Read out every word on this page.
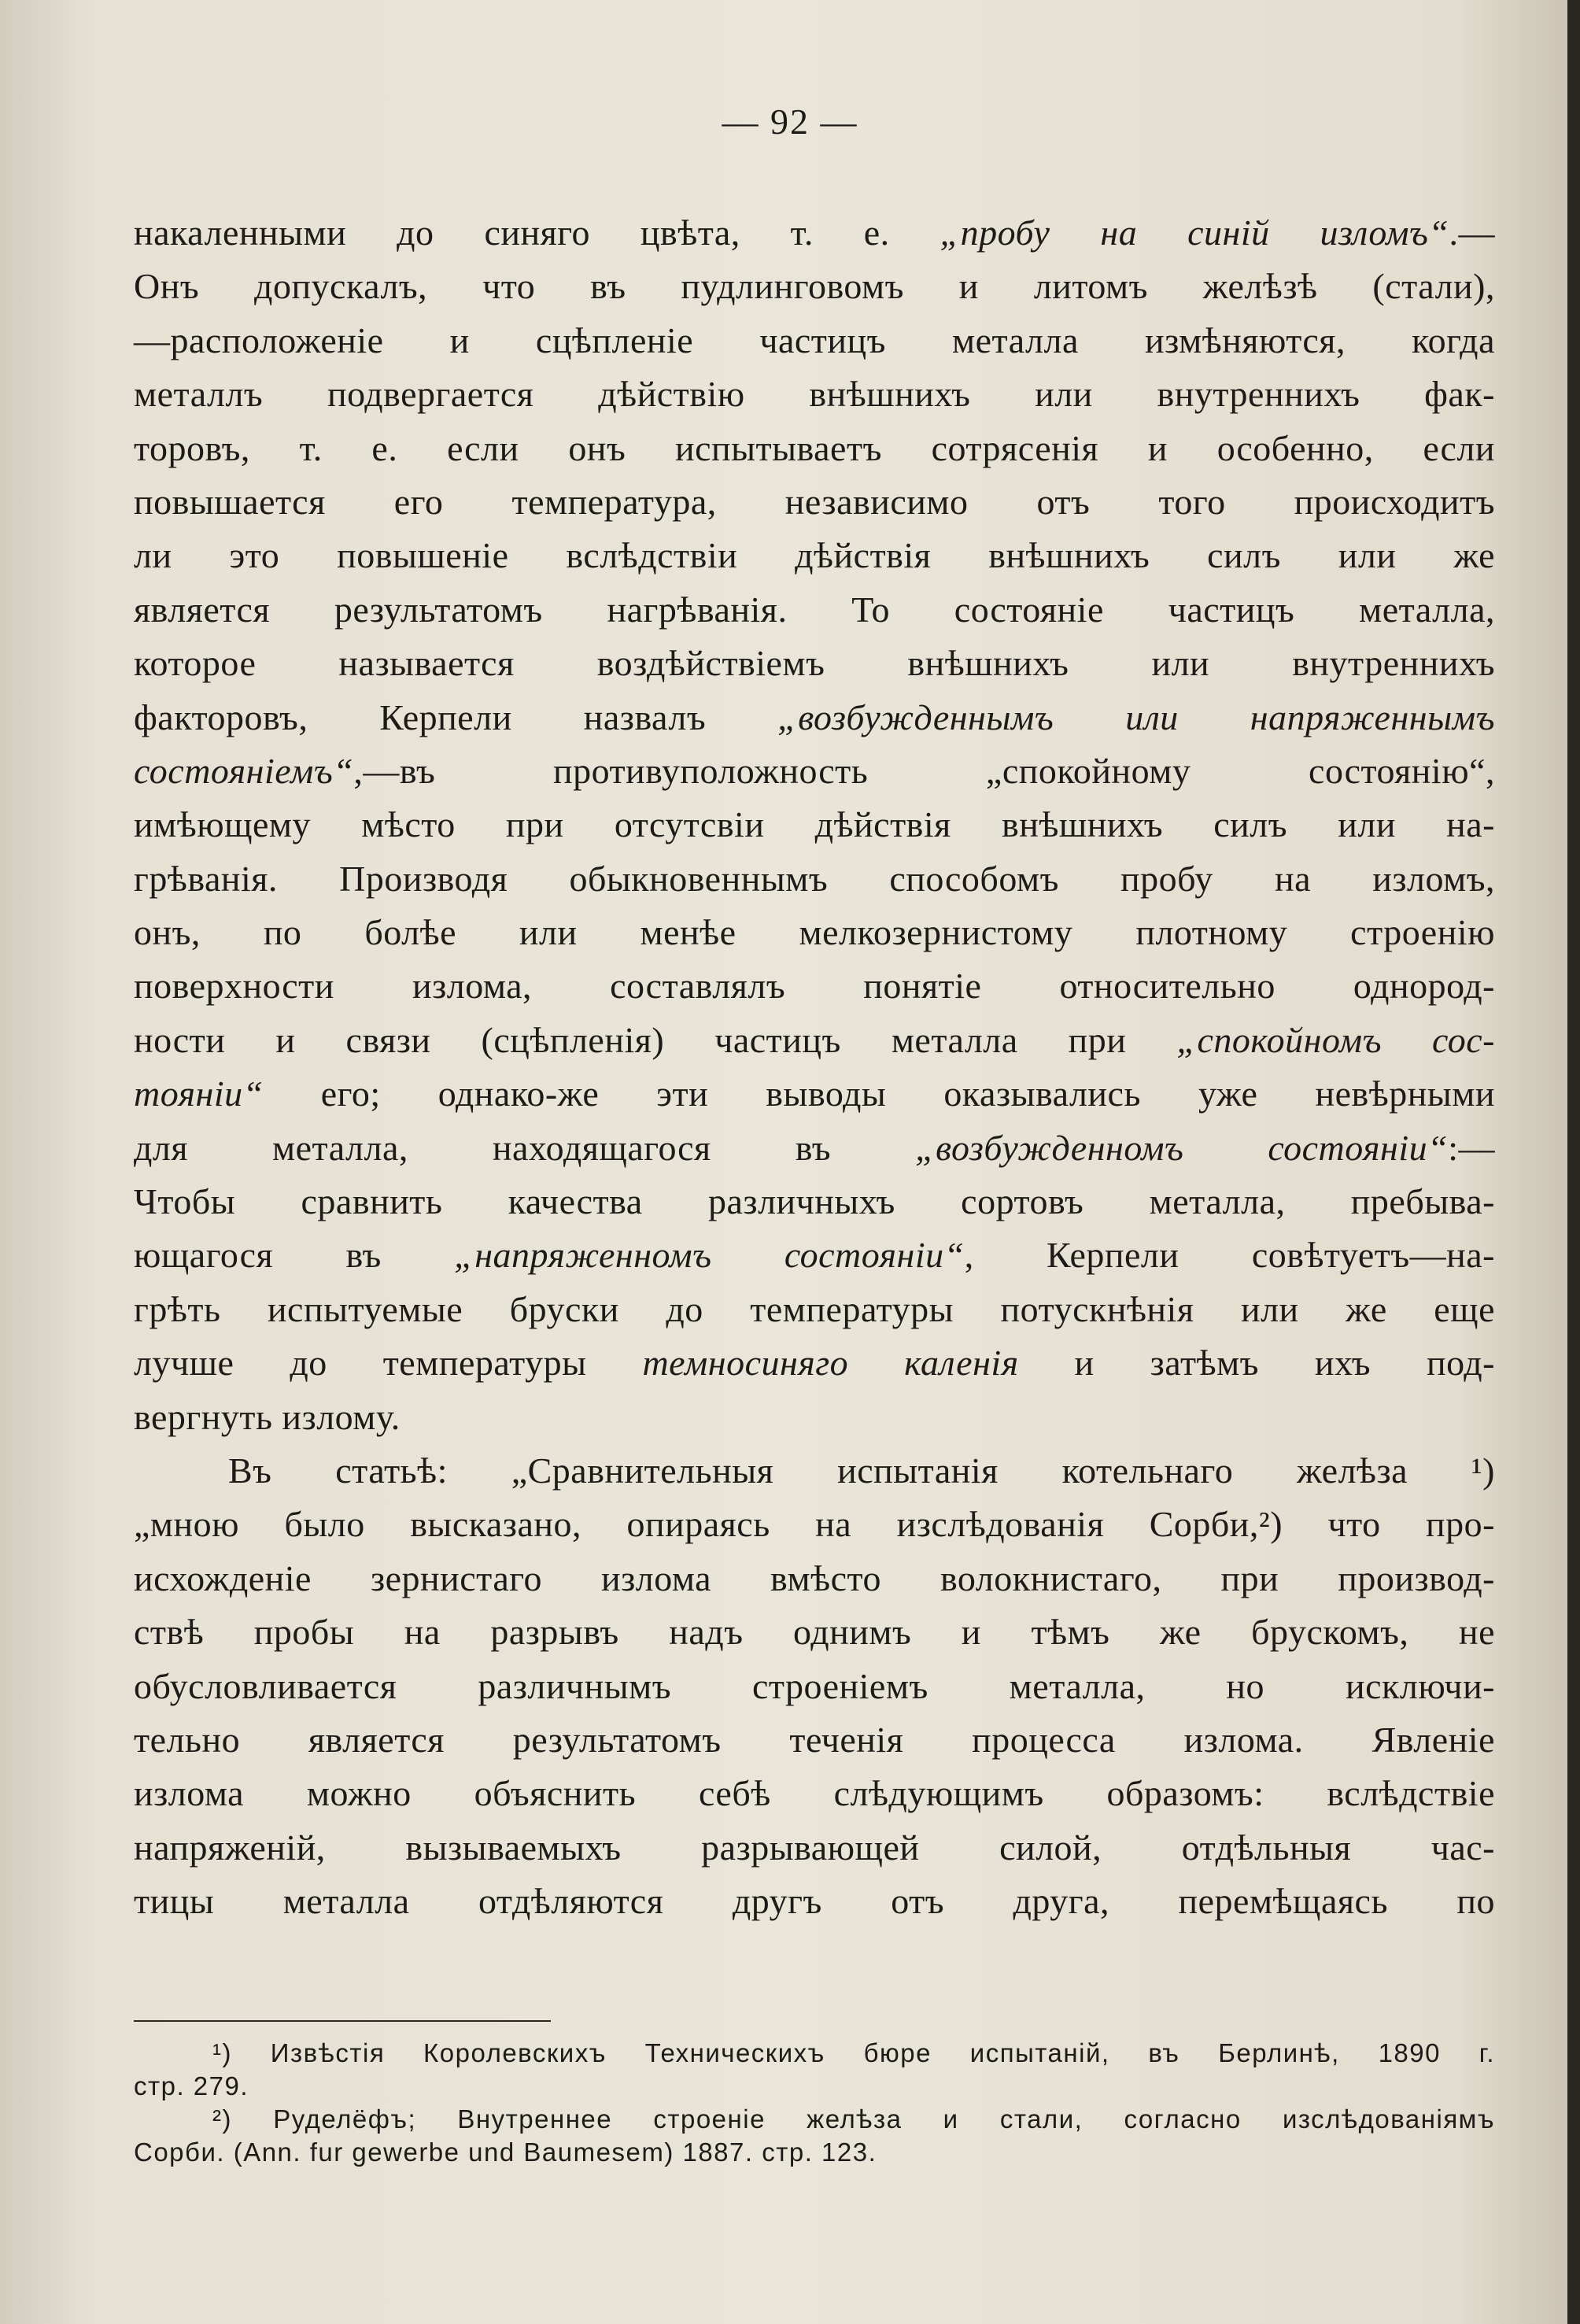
— 92 —
накаленными до синяго цвѣта, т. е. „пробу на синій изломъ“.—
Онъ допускалъ, что въ пудлинговомъ и литомъ желѣзѣ (стали),
—расположеніе и сцѣпленіе частицъ металла измѣняются, когда
металлъ подвергается дѣйствію внѣшнихъ или внутреннихъ фак-
торовъ, т. е. если онъ испытываетъ сотрясенія и особенно, если
повышается его температура, независимо отъ того происходитъ
ли это повышеніе вслѣдствіи дѣйствія внѣшнихъ силъ или же
является результатомъ нагрѣванія. То состояніе частицъ металла,
которое называется воздѣйствіемъ внѣшнихъ или внутреннихъ
факторовъ, Керпели назвалъ „возбужденнымъ или напряженнымъ
состояніемъ“,—въ противуположность „спокойному состоянію“,
имѣющему мѣсто при отсутсвіи дѣйствія внѣшнихъ силъ или на-
грѣванія. Производя обыкновеннымъ способомъ пробу на изломъ,
онъ, по болѣе или менѣе мелкозернистому плотному строенію
поверхности излома, составлялъ понятіе относительно однород-
ности и связи (сцѣпленія) частицъ металла при „спокойномъ сос-
тояніи“ его; однако-же эти выводы оказывались уже невѣрными
для металла, находящагося въ „возбужденномъ состояніи“:—
Чтобы сравнить качества различныхъ сортовъ металла, пребыва-
ющагося въ „напряженномъ состояніи“, Керпели совѣтуетъ—на-
грѣть испытуемые бруски до температуры потускнѣнія или же еще
лучше до температуры темносиняго каленія и затѣмъ ихъ под-
вергнуть излому.
Въ статьѣ: „Сравнительныя испытанія котельнаго желѣза ¹)
„мною было высказано, опираясь на изслѣдованія Сорби,²) что про-
исхожденіе зернистаго излома вмѣсто волокнистаго, при производ-
ствѣ пробы на разрывъ надъ однимъ и тѣмъ же брускомъ, не
обусловливается различнымъ строеніемъ металла, но исключи-
тельно является результатомъ теченія процесса излома. Явленіе
излома можно объяснить себѣ слѣдующимъ образомъ: вслѣдствіе
напряженій, вызываемыхъ разрывающей силой, отдѣльныя час-
тицы металла отдѣляются другъ отъ друга, перемѣщаясь по
¹) Извѣстія Королевскихъ Техническихъ бюре испытаній, въ Берлинѣ, 1890 г.
стр. 279.
²) Руделёфъ; Внутреннее строеніе желѣза и стали, согласно изслѣдованіямъ
Сорби. (Ann. fur gewerbe und Baumesem) 1887. стр. 123.
